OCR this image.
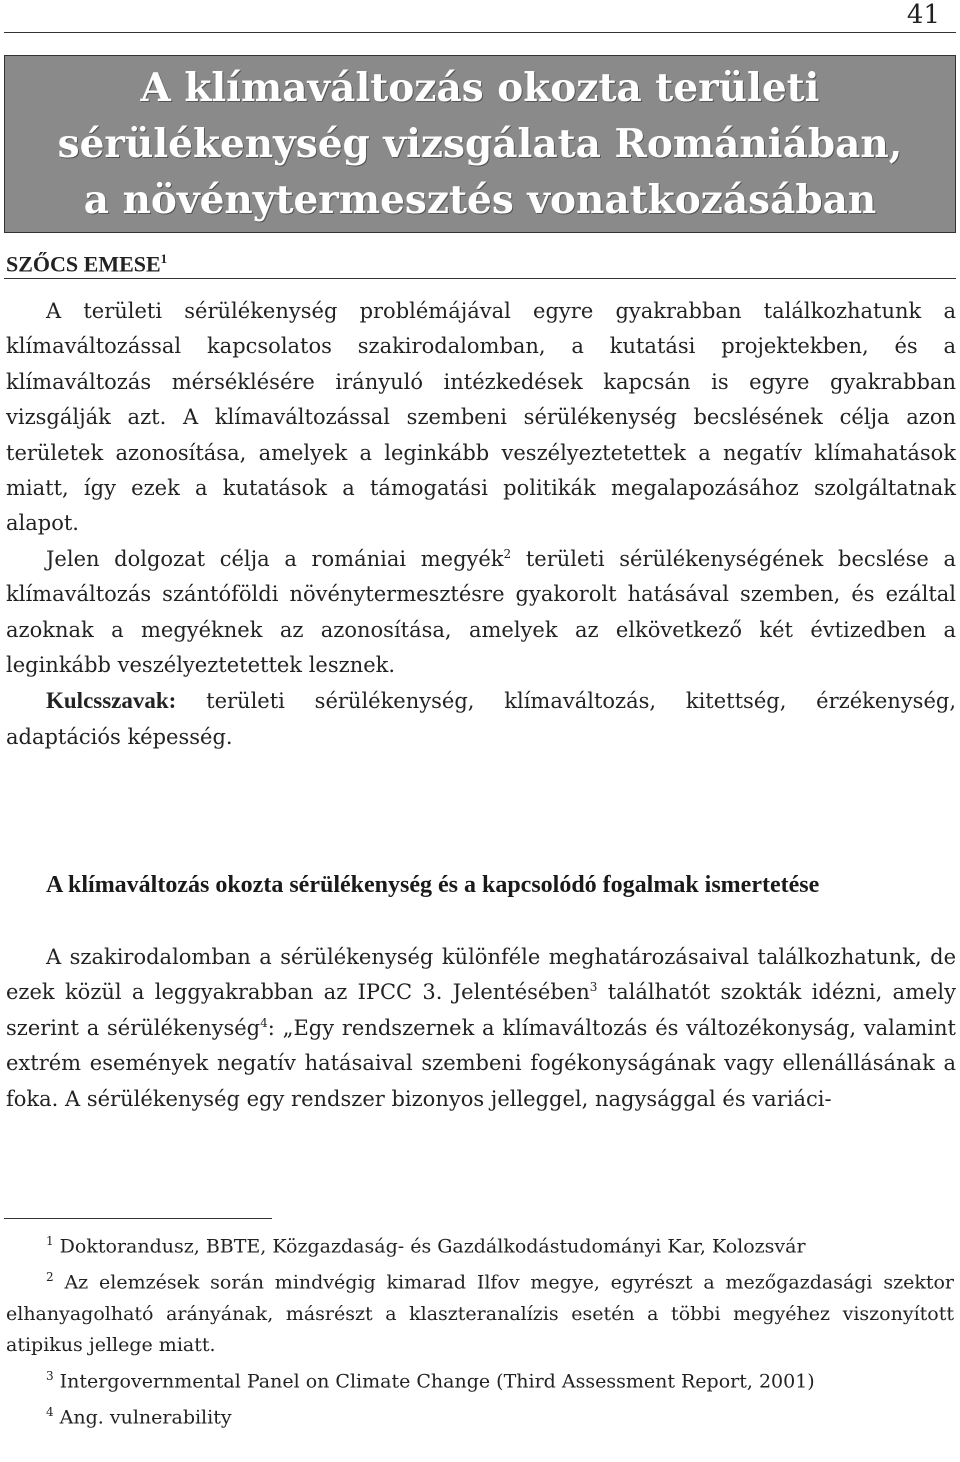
41
A klímaváltozás okozta területi
sérülékenység vizsgálata Romániában,
a növénytermesztés vonatkozásában
SZŐCS EMESE$^1$

A területi sérülékenység problémájával egyre gyakrabban találkozhatunk a klímaváltozással kapcsolatos szakirodalomban, a kutatási projektekben, és a klímaváltozás mérséklésére irányuló intézkedések kapcsán is egyre gyakrabban vizsgálják azt. A klímaváltozással szembeni sérülékenység becslésének célja azon területek azonosítása, amelyek a leginkább veszélyeztetettek a negatív klímahatások miatt, így ezek a kutatások a támogatási politikák megalapozásához szolgáltatnak alapot.

Jelen dolgozat célja a romániai megyék$^2$ területi sérülékenységének becslése a klímaváltozás szántóföldi növénytermesztésre gyakorolt hatásával szemben, és ezáltal azoknak a megyéknek az azonosítása, amelyek az elkövetkező két évtizedben a leginkább veszélyeztetettek lesznek.

Kulcsszavak: területi sérülékenység, klímaváltozás, kitettség, érzékenység, adaptációs képesség.

A klímaváltozás okozta sérülékenység és a kapcsolódó fogalmak ismertetése

A szakirodalomban a sérülékenység különféle meghatározásaival találkozhatunk, de ezek közül a leggyakrabban az IPCC 3. Jelentésében$^3$ találhatót szokták idézni, amely szerint a sérülékenység$^4$: „Egy rendszernek a klímaváltozás és változékonyság, valamint extrém események negatív hatásaival szembeni fogékonyságának vagy ellenállásának a foka. A sérülékenység egy rendszer bizonyos jelleggel, nagysággal és variáci-

$^1$ Doktorandusz, BBTE, Közgazdaság- és Gazdálkodástudományi Kar, Kolozsvár

$^2$ Az elemzések során mindvégig kimarad Ilfov megye, egyrészt a mezőgazdasági szektor elhanyagolható arányának, másrészt a klaszteranalízis esetén a többi megyéhez viszonyított atipikus jellege miatt.

$^3$ Intergovernmental Panel on Climate Change (Third Assessment Report, 2001)

$^4$ Ang. vulnerability
